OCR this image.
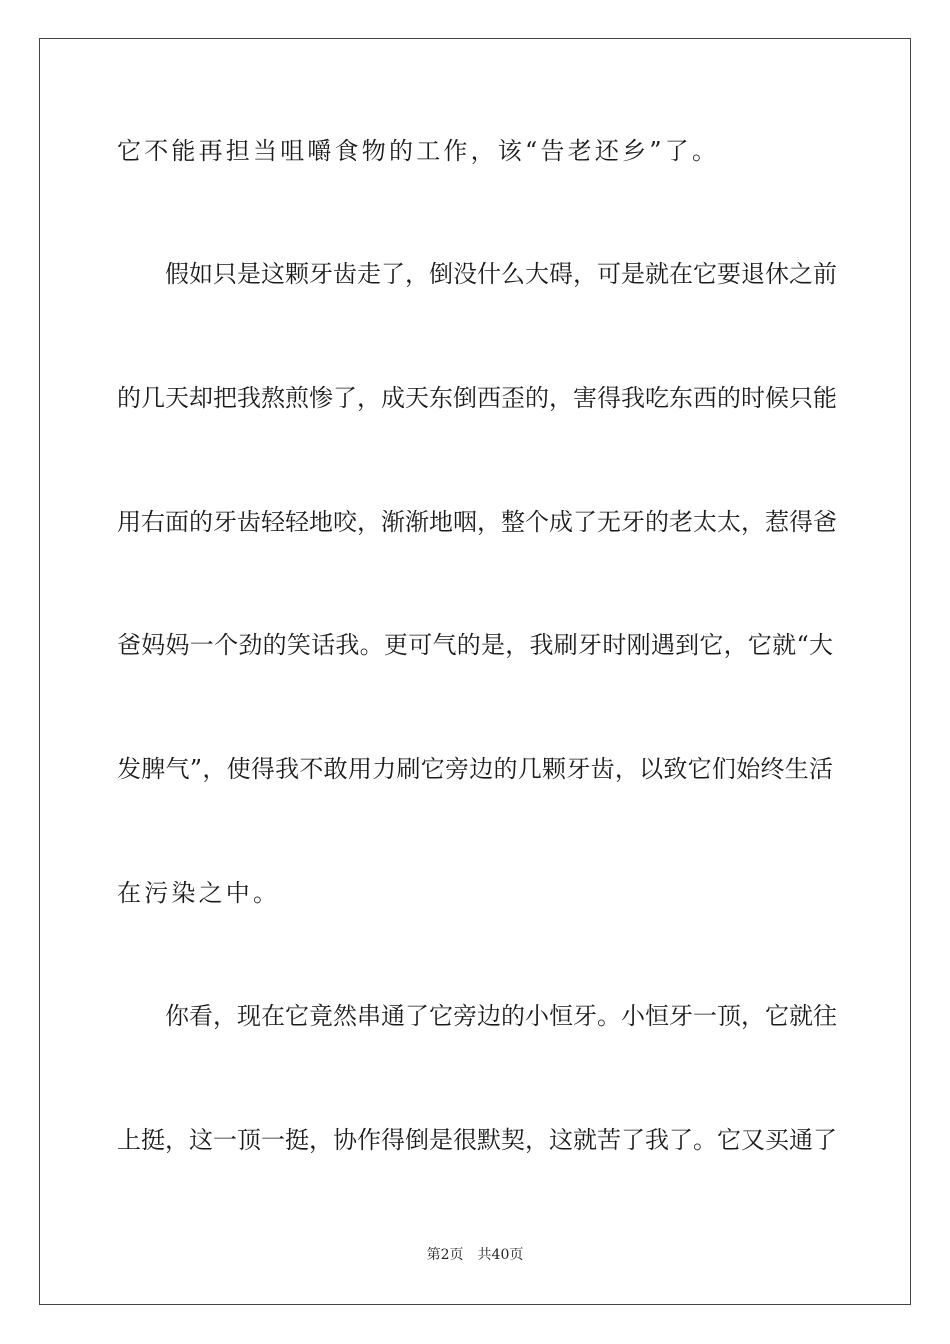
它不能再担当咀嚼食物的工作，该“告老还乡”了。
假如只是这颗牙齿走了，倒没什么大碍，可是就在它要退休之前
的几天却把我熬煎惨了，成天东倒西歪的，害得我吃东西的时候只能
用右面的牙齿轻轻地咬，渐渐地咽，整个成了无牙的老太太，惹得爸
爸妈妈一个劲的笑话我。更可气的是，我刷牙时刚遇到它，它就“大
发脾气”，使得我不敢用力刷它旁边的几颗牙齿，以致它们始终生活
在污染之中。
你看，现在它竟然串通了它旁边的小恒牙。小恒牙一顶，它就往
上挺，这一顶一挺，协作得倒是很默契，这就苦了我了。它又买通了
第2页 共40页
